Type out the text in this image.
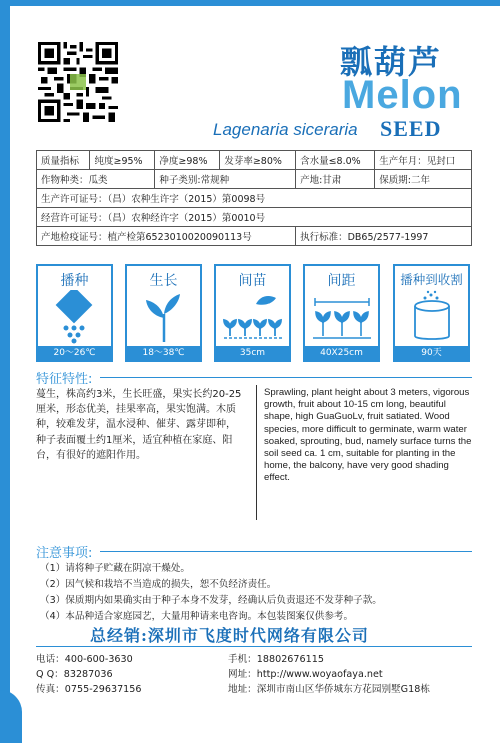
瓢葫芦
Melon
Lagenaria siceraria SEED
质量指标	纯度≥95%	净度≥98%	发芽率≥80%	含水量≤8.0%	生产年月：见封口
作物种类：瓜类		种子类别:常规种		产地:甘肃	保质期:二年
生产许可证号：（昌）农种生许字（2015）第0098号					
经营许可证号：（昌）农种经许字（2015）第0010号					
产地检疫证号：植产检第6523010020090113号				执行标准：DB65/2577-1997	
播种
20～26℃
生长
18～38℃
间苗
35cm
间距
40X25cm
播种到收割
90天
特征特性:
蔓生，株高约3米，生长旺盛，果实长约20-25厘米，形态优美，挂果率高，果实饱满。木质种，较难发芽，温水浸种、催芽、露芽即种，种子表面覆土约1厘米，适宜种植在家庭、阳台，有很好的遮阳作用。
Sprawling, plant height about 3 meters, vigorous growth, fruit about 10-15 cm long, beautiful shape, high GuaGuoLv, fruit satiated. Wood species, more difficult to germinate, warm water soaked, sprouting, bud, namely surface turns the soil seed ca. 1 cm, suitable for planting in the home, the balcony, have very good shading effect.
注意事项:
（1）请将种子贮藏在阴凉干燥处。
（2）因气候和栽培不当造成的损失，恕不负经济责任。
（3）保质期内如果确实由于种子本身不发芽，经确认后负责退还不发芽种子款。
（4）本品种适合家庭园艺，大量用种请来电咨询。本包装图案仅供参考。
总经销:深圳市飞度时代网络有限公司
电话：400-600-3630
Q Q：83287036
传真：0755-29637156
手机：18802676115
网址：http://www.woyaofaya.net
地址：深圳市南山区华侨城东方花园别墅G18栋
